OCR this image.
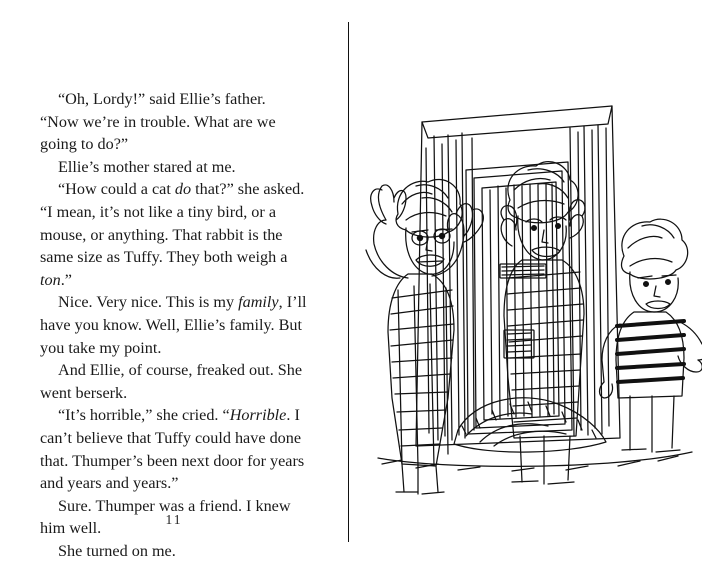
“Oh, Lordy!” said Ellie’s father. “Now we’re in trouble. What are we going to do?”

Ellie’s mother stared at me.

“How could a cat do that?” she asked. “I mean, it’s not like a tiny bird, or a mouse, or anything. That rabbit is the same size as Tuffy. They both weigh a ton.”

Nice. Very nice. This is my family, I’ll have you know. Well, Ellie’s family. But you take my point.

And Ellie, of course, freaked out. She went berserk.

“It’s horrible,” she cried. “Horrible. I can’t believe that Tuffy could have done that. Thumper’s been next door for years and years and years.”

Sure. Thumper was a friend. I knew him well.

She turned on me.

11
